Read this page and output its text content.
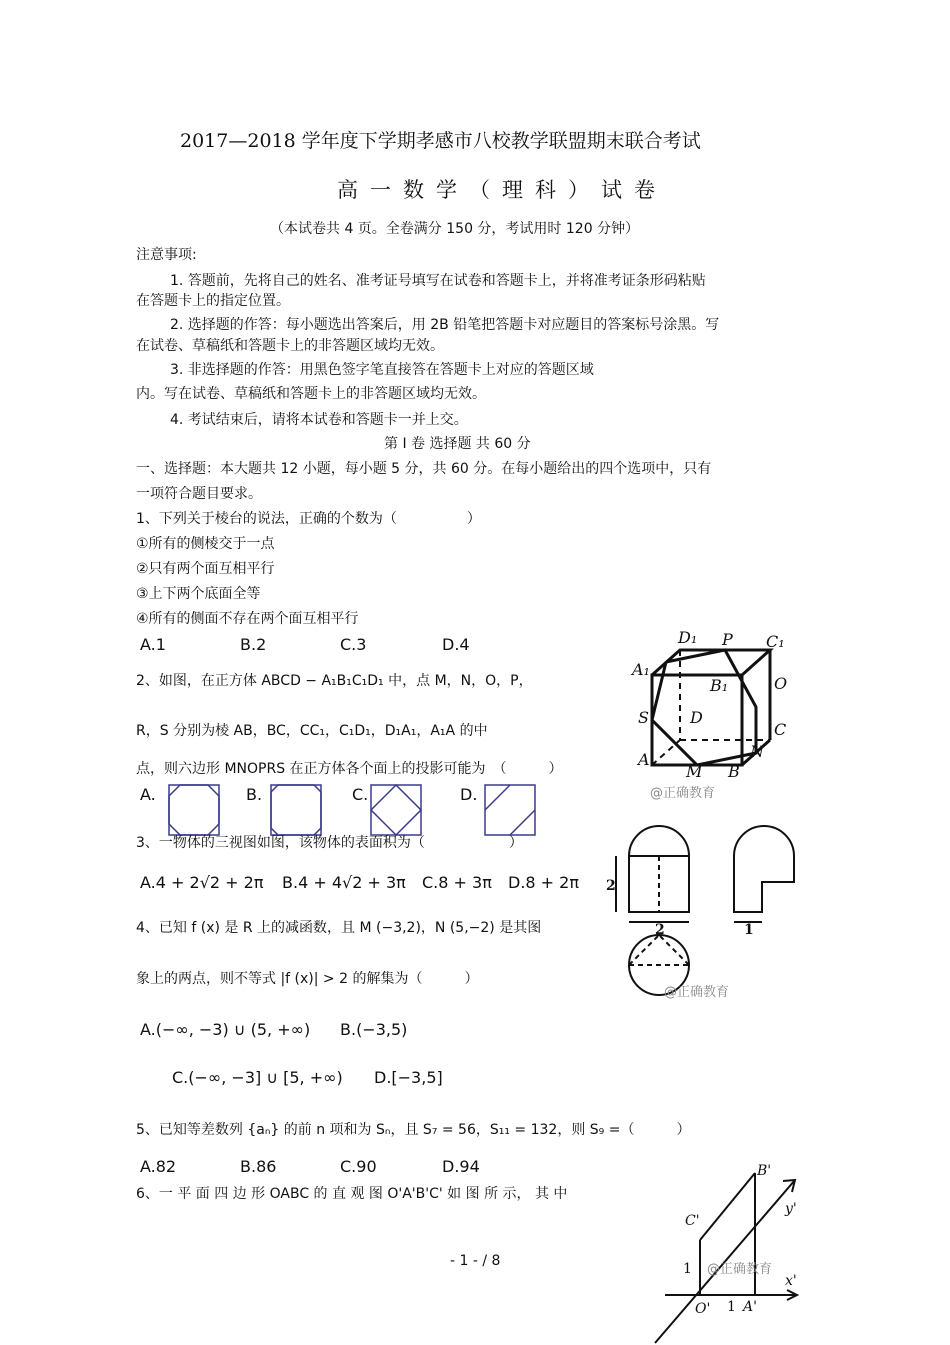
2017—2018 学年度下学期孝感市八校教学联盟期末联合考试
高一数学（理科）试卷
（本试卷共 4 页。全卷满分 150 分，考试用时 120 分钟）
注意事项:
1. 答题前，先将自己的姓名、准考证号填写在试卷和答题卡上，并将准考证条形码粘贴
在答题卡上的指定位置。
2. 选择题的作答：每小题选出答案后，用 2B 铅笔把答题卡对应题目的答案标号涂黑。写
在试卷、草稿纸和答题卡上的非答题区域均无效。
3. 非选择题的作答：用黑色签字笔直接答在答题卡上对应的答题区域
内。写在试卷、草稿纸和答题卡上的非答题区域均无效。
4. 考试结束后，请将本试卷和答题卡一并上交。
第 I 卷 选择题 共 60 分
一、选择题：本大题共 12 小题，每小题 5 分，共 60 分。在每小题给出的四个选项中，只有
一项符合题目要求。
1、下列关于棱台的说法，正确的个数为（　　　　　）
①所有的侧棱交于一点
②只有两个面互相平行
③上下两个底面全等
④所有的侧面不存在两个面互相平行
A.1	B.2	C.3	D.4	D₁ P C₁
A₁
B₁	O
S	D
C
A
M B
N
@正确教育
2、如图，在正方体 ABCD − A₁B₁C₁D₁ 中，点 M，N，O，P，
R，S 分别为棱 AB，BC，CC₁，C₁D₁，D₁A₁，A₁A 的中
点，则六边形 MNOPRS 在正方体各个面上的投影可能为　（　　　）
A.	B.	C.	D.
2
2	1
@正确教育
3、一物体的三视图如图，该物体的表面积为（　　　　　　）
A.4 + 2√2 + 2π B.4 + 4√2 + 3π C.8 + 3π D.8 + 2π
4、已知 f (x) 是 R 上的减函数，且 M (−3,2)，N (5,−2) 是其图
象上的两点，则不等式 |f (x)| > 2 的解集为（　　　）
A.(−∞, −3) ∪ (5, +∞) B.(−3,5)
C.(−∞, −3] ∪ [5, +∞) D.[−3,5]
5、已知等差数列 {aₙ} 的前 n 项和为 Sₙ，且 S₇ = 56，S₁₁ = 132，则 S₉ =（　　　）
A.82	B.86	C.90	D.94
6、一 平 面 四 边 形 OABC 的 直 观 图 O'A'B'C' 如 图 所 示， 其 中
B'
C'
y'
1
x'
O' 1 A'
@正确教育
- 1 - / 8
